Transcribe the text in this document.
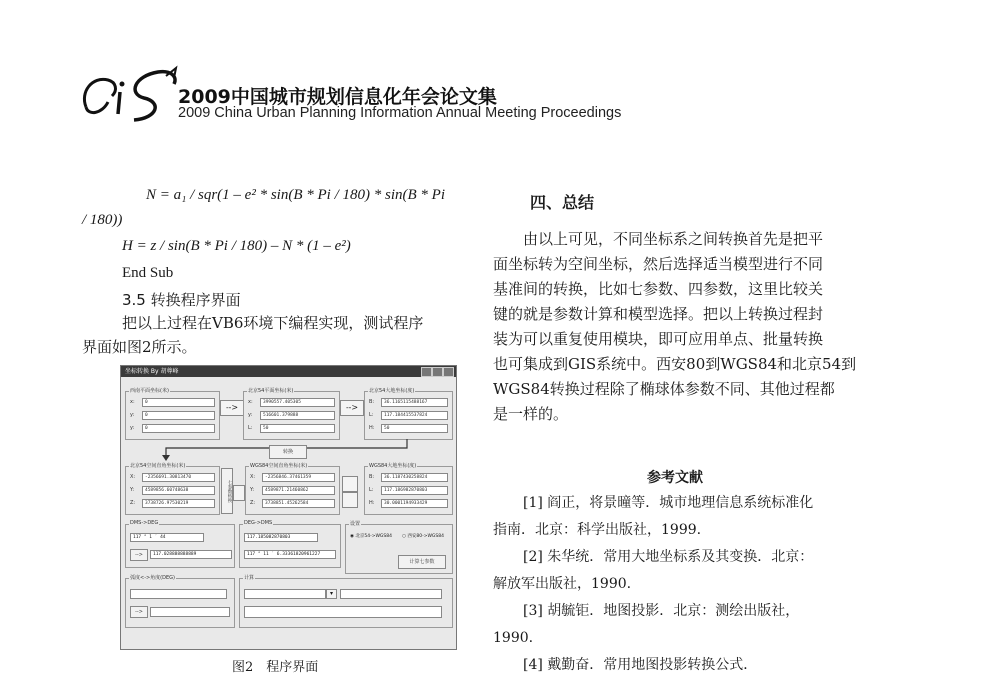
2009中国城市规划信息化年会论文集
2009 China Urban Planning Information Annual Meeting Proceedings
N = a₁ / sqr(1 – e² * sin(B * Pi / 180) * sin(B * Pi
/ 180))
H = z / sin(B * Pi / 180) – N * (1 – e²)
End Sub
3.5 转换程序界面
把以上过程在VB6环境下编程实现，测试程序
界面如图2所示。
坐标转换 By 胡尊峰
西南平面坐标(米)
x:	0
y:	0
y:	0
-->
北京54平面坐标(米)
x:	3990557.405305
y:	516601.379888
L:	50
-->
北京54大地坐标(度)
B:	36.1165115488167
L:	117.184415537824
H:	50
转换
北京54空间直角坐标(米)
X:	-2356691.30813470
Y:	4589856.60748638
Z:	3738726.97530219
七参数转换
WGS84空间直角坐标(米)
X:	-2356846.37461359
Y:	4589871.21460862
Z:	3738851.45262584
WGS84大地坐标(度)
B:	36.1187430258824
L:	117.186982870803
H:	30.0001194933429
DMS->DEG
117 ° 1 ′ 44
-->	117.028888888889
DEG->DMS
117.185082870803
117 ° 11 ′ 6.33361820961227
设置
◉ 北京54->WGS84 ○ 西安80->WGS84
计算七参数
弧度<->角度(DEG)
-->
计算
▾
图2　程序界面
四、总结
由以上可见，不同坐标系之间转换首先是把平
面坐标转为空间坐标，然后选择适当模型进行不同
基准间的转换，比如七参数、四参数，这里比较关
键的就是参数计算和模型选择。把以上转换过程封
装为可以重复使用模块，即可应用单点、批量转换
也可集成到GIS系统中。西安80到WGS84和北京54到
WGS84转换过程除了椭球体参数不同、其他过程都
是一样的。
参考文献
[1] 阎正，将景曈等．城市地理信息系统标准化
指南．北京：科学出版社，1999.
[2] 朱华统．常用大地坐标系及其变换．北京：
解放军出版社，1990.
[3] 胡毓钜．地图投影．北京：测绘出版社，
1990.
[4] 戴勤奋．常用地图投影转换公式．
